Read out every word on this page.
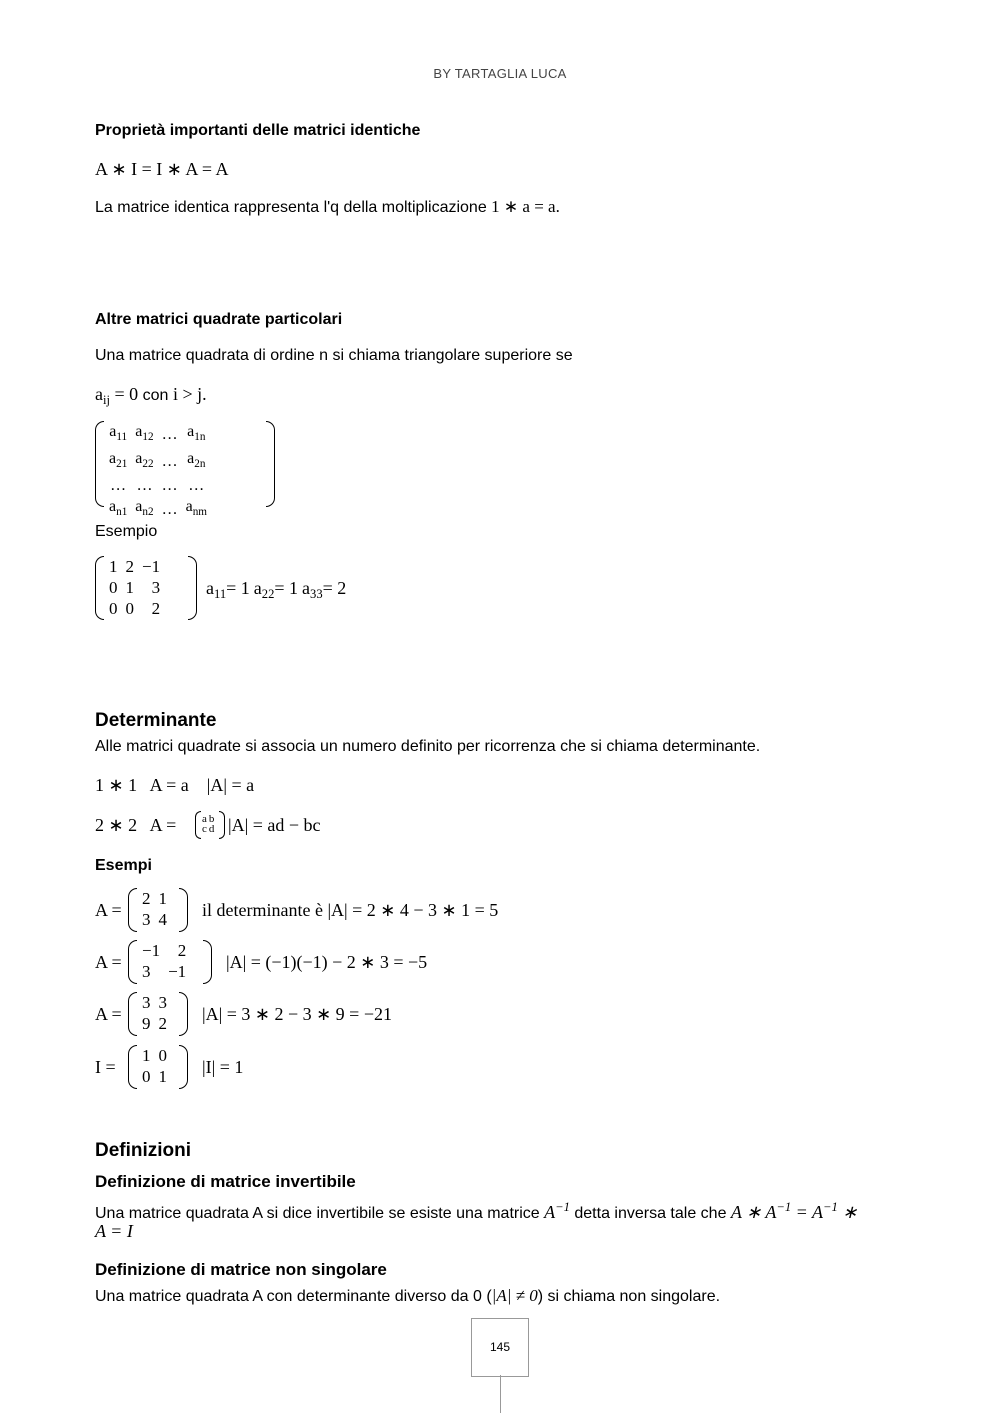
BY TARTAGLIA LUCA
Proprietà importanti delle matrici identiche
A ∗ I = I ∗ A = A
La matrice identica rappresenta l'q della moltiplicazione 1 ∗ a = a.
Altre matrici quadrate particolari
Una matrice quadrata di ordine n si chiama triangolare superiore se
$a_{ij} = 0$ con i > j.
$a_{11}$	$a_{12}$	…	$a_{1n}$
$a_{21}$	$a_{22}$	…	$a_{2n}$
…	…	…	…
$a_{n1}$	$a_{n2}$	…	$a_{nm}$
Esempio
1	2	−1
0	1	3
0	0	2
$a_{11}= 1$ $a_{22}= 1$ $a_{33}= 2$
Determinante
Alle matrici quadrate si associa un numero definito per ricorrenza che si chiama determinante.
1 ∗ 1   A = a    |A| = a
2 ∗ 2   A = a	b
c	d |A| = ad − bc
Esempi
A =
2	1
3	4 il determinante è |A| = 2 ∗ 4 − 3 ∗ 1 = 5
A =
−1	2
3	−1 |A| = (−1)(−1) − 2 ∗ 3 = −5
A =
3	3
9	2 |A| = 3 ∗ 2 − 3 ∗ 9 = −21
I =
1	0
0	1 |I| = 1
Definizioni
Definizione di matrice invertibile
Una matrice quadrata A si dice invertibile se esiste una matrice $A^{-1}$ detta inversa tale che A ∗ $A^{-1} = A^{-1}$ ∗
A = I
Definizione di matrice non singolare
Una matrice quadrata A con determinante diverso da 0 (|A| ≠ 0) si chiama non singolare.
145
